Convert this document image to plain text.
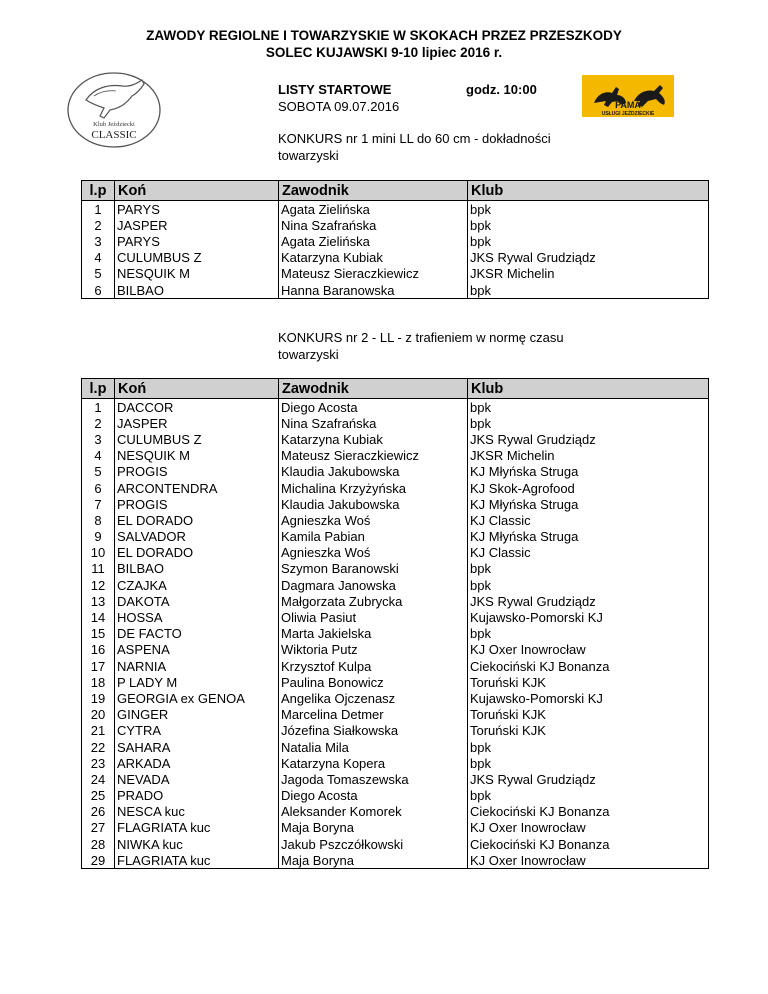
ZAWODY REGIOLNE I TOWARZYSKIE W SKOKACH PRZEZ PRZESZKODY
SOLEC KUJAWSKI 9-10 lipiec 2016 r.
Klub Jeździecki
CLASSIC
PAMA
USŁUGI JEŹDZIECKIE
LISTY STARTOWE	godz. 10:00
SOBOTA 09.07.2016
KONKURS nr 1 mini LL do 60 cm - dokładności
towarzyski
l.p	Koń	Zawodnik	Klub
1	PARYS	Agata Zielińska	bpk
2	JASPER	Nina Szafrańska	bpk
3	PARYS	Agata Zielińska	bpk
4	CULUMBUS Z	Katarzyna Kubiak	JKS Rywal Grudziądz
5	NESQUIK M	Mateusz Sieraczkiewicz	JKSR Michelin
6	BILBAO	Hanna Baranowska	bpk
KONKURS nr 2 - LL - z trafieniem w normę czasu
towarzyski
l.p	Koń	Zawodnik	Klub
1	DACCOR	Diego Acosta	bpk
2	JASPER	Nina Szafrańska	bpk
3	CULUMBUS Z	Katarzyna Kubiak	JKS Rywal Grudziądz
4	NESQUIK M	Mateusz Sieraczkiewicz	JKSR Michelin
5	PROGIS	Klaudia Jakubowska	KJ Młyńska Struga
6	ARCONTENDRA	Michalina Krzyżyńska	KJ Skok-Agrofood
7	PROGIS	Klaudia Jakubowska	KJ Młyńska Struga
8	EL DORADO	Agnieszka Woś	KJ Classic
9	SALVADOR	Kamila Pabian	KJ Młyńska Struga
10	EL DORADO	Agnieszka Woś	KJ Classic
11	BILBAO	Szymon Baranowski	bpk
12	CZAJKA	Dagmara Janowska	bpk
13	DAKOTA	Małgorzata Zubrycka	JKS Rywal Grudziądz
14	HOSSA	Oliwia Pasiut	Kujawsko-Pomorski KJ
15	DE FACTO	Marta Jakielska	bpk
16	ASPENA	Wiktoria Putz	KJ Oxer Inowrocław
17	NARNIA	Krzysztof Kulpa	Ciekociński KJ Bonanza
18	P LADY M	Paulina Bonowicz	Toruński KJK
19	GEORGIA ex GENOA	Angelika Ojczenasz	Kujawsko-Pomorski KJ
20	GINGER	Marcelina Detmer	Toruński KJK
21	CYTRA	Józefina Siałkowska	Toruński KJK
22	SAHARA	Natalia Mila	bpk
23	ARKADA	Katarzyna Kopera	bpk
24	NEVADA	Jagoda Tomaszewska	JKS Rywal Grudziądz
25	PRADO	Diego Acosta	bpk
26	NESCA kuc	Aleksander Komorek	Ciekociński KJ Bonanza
27	FLAGRIATA kuc	Maja Boryna	KJ Oxer Inowrocław
28	NIWKA kuc	Jakub Pszczółkowski	Ciekociński KJ Bonanza
29	FLAGRIATA kuc	Maja Boryna	KJ Oxer Inowrocław
